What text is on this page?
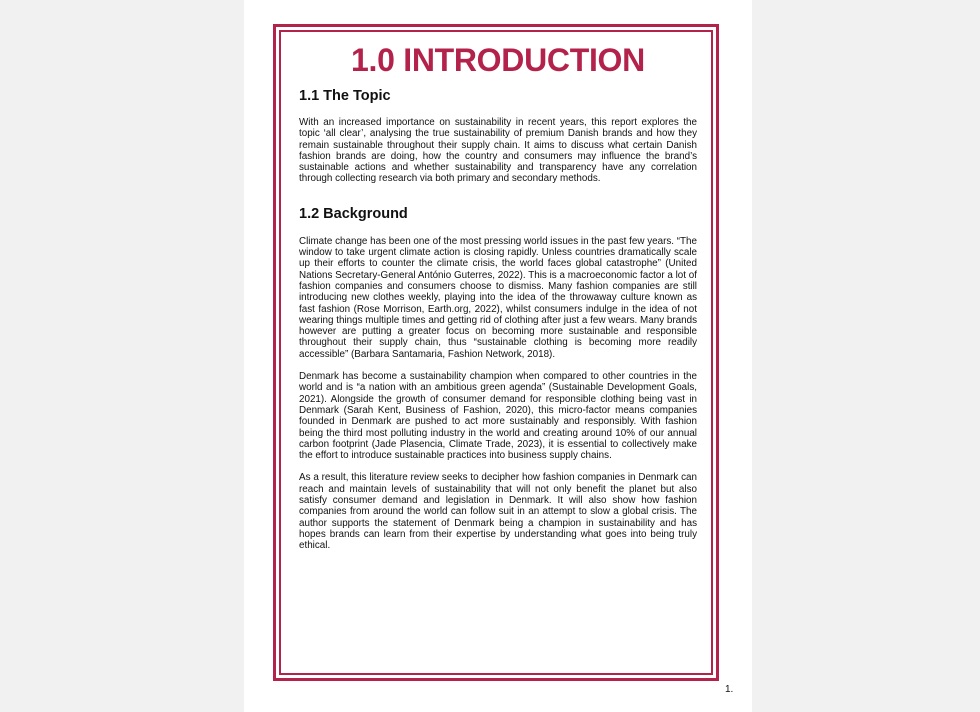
1.0 INTRODUCTION
1.1 The Topic

With an increased importance on sustainability in recent years, this report explores the topic ‘all clear’, analysing the true sustainability of premium Danish brands and how they remain sustainable throughout their supply chain. It aims to discuss what certain Danish fashion brands are doing, how the country and consumers may influence the brand’s sustainable actions and whether sustainability and transparency have any correlation through collecting research via both primary and secondary methods.

1.2 Background

Climate change has been one of the most pressing world issues in the past few years. “The window to take urgent climate action is closing rapidly. Unless countries dramatically scale up their efforts to counter the climate crisis, the world faces global catastrophe” (United Nations Secretary-General António Guterres, 2022). This is a macroeconomic factor a lot of fashion companies and consumers choose to dismiss. Many fashion companies are still introducing new clothes weekly, playing into the idea of the throwaway culture known as fast fashion (Rose Morrison, Earth.org, 2022), whilst consumers indulge in the idea of not wearing things multiple times and getting rid of clothing after just a few wears. Many brands however are putting a greater focus on becoming more sustainable and responsible throughout their supply chain, thus “sustainable clothing is becoming more readily accessible” (Barbara Santamaria, Fashion Network, 2018).

Denmark has become a sustainability champion when compared to other countries in the world and is “a nation with an ambitious green agenda” (Sustainable Development Goals, 2021). Alongside the growth of consumer demand for responsible clothing being vast in Denmark (Sarah Kent, Business of Fashion, 2020), this micro-factor means companies founded in Denmark are pushed to act more sustainably and responsibly. With fashion being the third most polluting industry in the world and creating around 10% of our annual carbon footprint (Jade Plasencia, Climate Trade, 2023), it is essential to collectively make the effort to introduce sustainable practices into business supply chains.

As a result, this literature review seeks to decipher how fashion companies in Denmark can reach and maintain levels of sustainability that will not only benefit the planet but also satisfy consumer demand and legislation in Denmark. It will also show how fashion companies from around the world can follow suit in an attempt to slow a global crisis. The author supports the statement of Denmark being a champion in sustainability and has hopes brands can learn from their expertise by understanding what goes into being truly ethical.

1.
